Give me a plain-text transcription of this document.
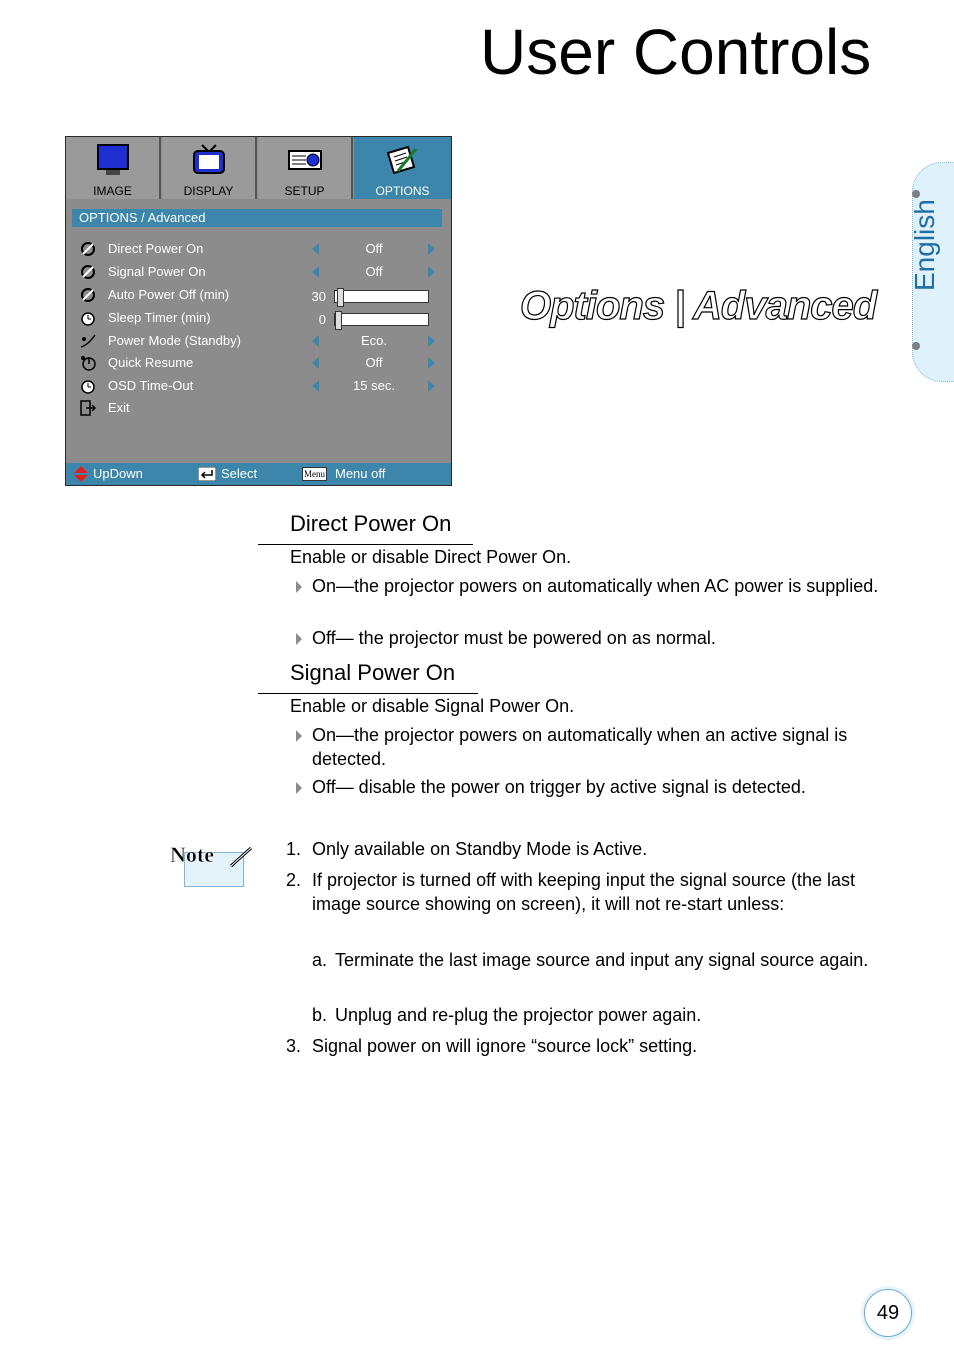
User Controls
Options | Advanced
English
IMAGE	DISPLAY	SETUP	OPTIONS
OPTIONS / Advanced
Direct Power On	Off
Signal Power On	Off
Auto Power Off (min)	30
Sleep Timer (min)	0
Power Mode (Standby)	Eco.
Quick Resume	Off
OSD Time-Out	15 sec.
Exit
UpDown	Select	Menu Menu off
Direct Power On
Enable or disable Direct Power On.
On—the projector powers on automatically when AC power is supplied.
Off— the projector must be powered on as normal.
Signal Power On
Enable or disable Signal Power On.
On—the projector powers on automatically when an active signal is detected.
Off— disable the power on trigger by active signal is detected.
Note	1. Only available on Standby Mode is Active.
2. If projector is turned off with keeping input the signal source (the last image source showing on screen), it will not re-start unless:
a. Terminate the last image source and input any signal source again.
b. Unplug and re-plug the projector power again.
3. Signal power on will ignore “source lock” setting.
49
